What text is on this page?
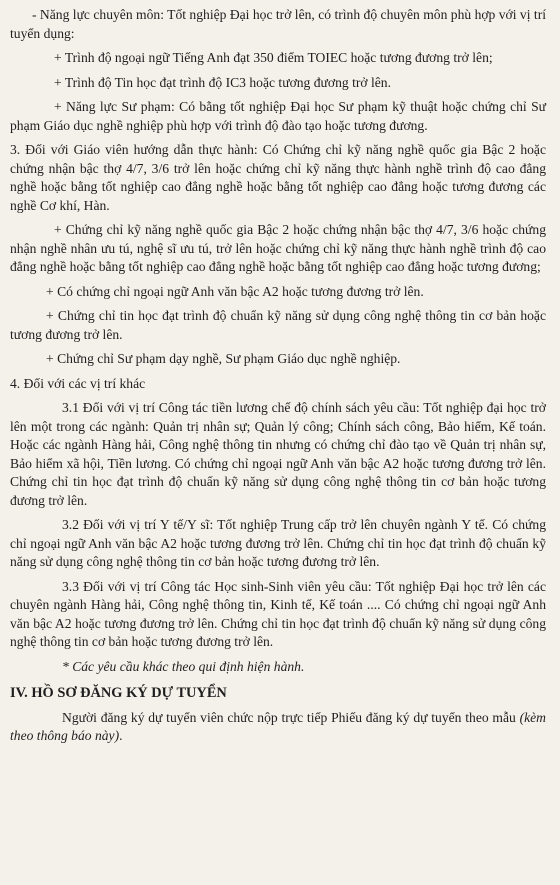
- Năng lực chuyên môn: Tốt nghiệp Đại học trở lên, có trình độ chuyên môn phù hợp với vị trí tuyển dụng:

+ Trình độ ngoại ngữ Tiếng Anh đạt 350 điểm TOIEC hoặc tương đương trở lên;

+ Trình độ Tin học đạt trình độ IC3 hoặc tương đương trở lên.

+ Năng lực Sư phạm: Có bằng tốt nghiệp Đại học Sư phạm kỹ thuật hoặc chứng chỉ Sư phạm Giáo dục nghề nghiệp phù hợp với trình độ đào tạo hoặc tương đương.

3. Đối với Giáo viên hướng dẫn thực hành: Có Chứng chỉ kỹ năng nghề quốc gia Bậc 2 hoặc chứng nhận bậc thợ 4/7, 3/6 trở lên hoặc chứng chỉ kỹ năng thực hành nghề trình độ cao đẳng nghề hoặc bằng tốt nghiệp cao đẳng nghề hoặc bằng tốt nghiệp cao đẳng hoặc tương đương các nghề Cơ khí, Hàn.

+ Chứng chỉ kỹ năng nghề quốc gia Bậc 2 hoặc chứng nhận bậc thợ 4/7, 3/6 hoặc chứng nhận nghề nhân ưu tú, nghệ sĩ ưu tú, trở lên hoặc chứng chỉ kỹ năng thực hành nghề trình độ cao đẳng nghề hoặc bằng tốt nghiệp cao đẳng nghề hoặc bằng tốt nghiệp cao đẳng hoặc tương đương;

+ Có chứng chỉ ngoại ngữ Anh văn bậc A2 hoặc tương đương trở lên.

+ Chứng chỉ tin học đạt trình độ chuẩn kỹ năng sử dụng công nghệ thông tin cơ bản hoặc tương đương trở lên.

+ Chứng chỉ Sư phạm dạy nghề, Sư phạm Giáo dục nghề nghiệp.

4. Đối với các vị trí khác

3.1 Đối với vị trí Công tác tiền lương chế độ chính sách yêu cầu: Tốt nghiệp đại học trở lên một trong các ngành: Quản trị nhân sự; Quản lý công; Chính sách công, Bảo hiểm, Kế toán. Hoặc các ngành Hàng hải, Công nghệ thông tin nhưng có chứng chỉ đào tạo về Quản trị nhân sự, Bảo hiểm xã hội, Tiền lương. Có chứng chỉ ngoại ngữ Anh văn bậc A2 hoặc tương đương trở lên. Chứng chỉ tin học đạt trình độ chuẩn kỹ năng sử dụng công nghệ thông tin cơ bản hoặc tương đương trở lên.

3.2 Đối với vị trí Y tế/Y sĩ: Tốt nghiệp Trung cấp trở lên chuyên ngành Y tế. Có chứng chỉ ngoại ngữ Anh văn bậc A2 hoặc tương đương trở lên. Chứng chỉ tin học đạt trình độ chuẩn kỹ năng sử dụng công nghệ thông tin cơ bản hoặc tương đương trở lên.

3.3 Đối với vị trí Công tác Học sinh-Sinh viên yêu cầu: Tốt nghiệp Đại học trở lên các chuyên ngành Hàng hải, Công nghệ thông tin, Kinh tế, Kế toán .... Có chứng chỉ ngoại ngữ Anh văn bậc A2 hoặc tương đương trở lên. Chứng chỉ tin học đạt trình độ chuẩn kỹ năng sử dụng công nghệ thông tin cơ bản hoặc tương đương trở lên.

* Các yêu cầu khác theo qui định hiện hành.

IV. HỒ SƠ ĐĂNG KÝ DỰ TUYỂN

Người đăng ký dự tuyển viên chức nộp trực tiếp Phiếu đăng ký dự tuyển theo mẫu (kèm theo thông báo này).
